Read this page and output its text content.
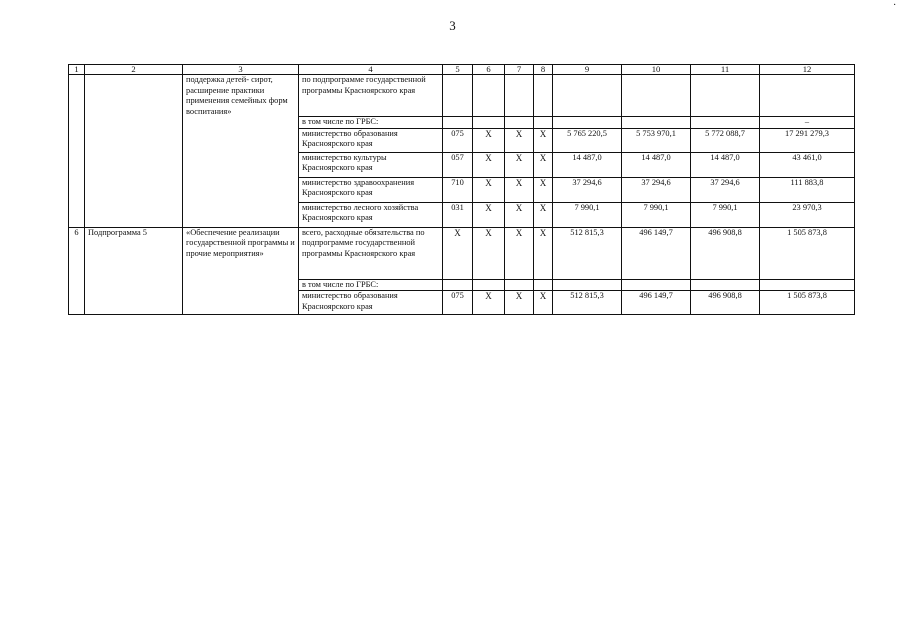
·
3
1	2	3	4	5	6	7	8	9	10	11	12
		поддержка детей- сирот, расширение практики применения семейных форм воспитания»	по подпрограмме государственной программы Красноярского края								
			в том числе по ГРБС:								–
			министерство образования Красноярского края	075	Х	Х	Х	5 765 220,5	5 753 970,1	5 772 088,7	17 291 279,3
			министерство культуры Красноярского края	057	Х	Х	Х	14 487,0	14 487,0	14 487,0	43 461,0
			министерство здравоохранения Красноярского края	710	Х	Х	Х	37 294,6	37 294,6	37 294,6	111 883,8
			министерство лесного хозяйства Красноярского края	031	Х	Х	Х	7 990,1	7 990,1	7 990,1	23 970,3
6	Подпрограмма 5	«Обеспечение реализации государственной программы и прочие мероприятия»	всего, расходные обязательства по подпрограмме государственной программы Красноярского края	Х	Х	Х	Х	512 815,3	496 149,7	496 908,8	1 505 873,8
			в том числе по ГРБС:								
			министерство образования Красноярского края	075	Х	Х	Х	512 815,3	496 149,7	496 908,8	1 505 873,8
